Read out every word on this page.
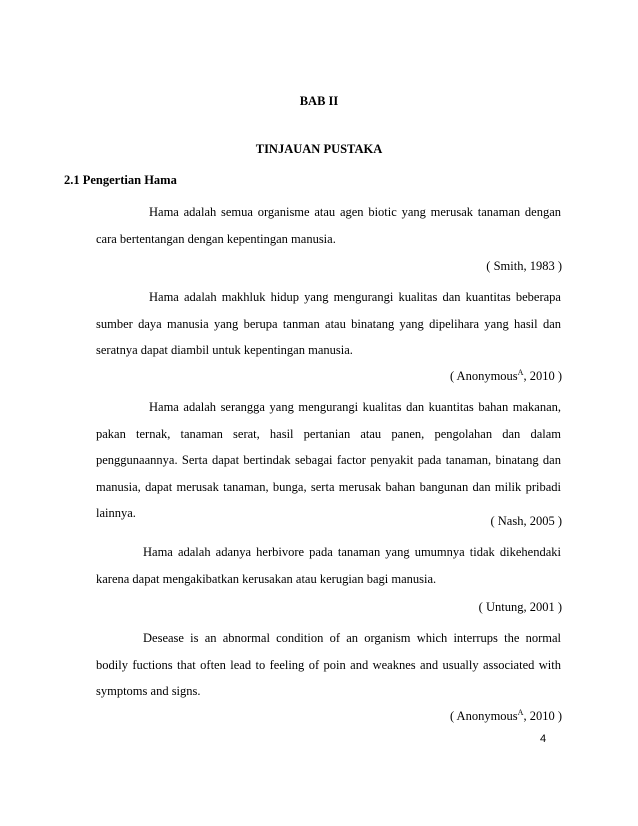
BAB II
TINJAUAN PUSTAKA
2.1 Pengertian Hama

Hama adalah semua organisme atau agen biotic yang merusak tanaman dengan cara bertentangan dengan kepentingan manusia.

( Smith, 1983 )

Hama adalah makhluk hidup yang mengurangi kualitas dan kuantitas beberapa sumber daya manusia yang berupa tanman atau binatang yang dipelihara yang hasil dan seratnya dapat diambil untuk kepentingan manusia.

( Anonymous$^A$, 2010 )

Hama adalah serangga yang mengurangi kualitas dan kuantitas bahan makanan, pakan ternak, tanaman serat, hasil pertanian atau panen, pengolahan dan dalam penggunaannya. Serta dapat bertindak sebagai factor penyakit pada tanaman, binatang dan manusia, dapat merusak tanaman, bunga, serta merusak bahan bangunan dan milik pribadi lainnya.

( Nash, 2005 )

Hama adalah adanya herbivore pada tanaman yang umumnya tidak dikehendaki karena dapat mengakibatkan kerusakan atau kerugian bagi manusia.

( Untung, 2001 )

Desease is an abnormal condition of an organism which interrups the normal bodily fuctions that often lead to feeling of poin and weaknes and usually associated with symptoms and signs.

( Anonymous$^A$, 2010 )
4
